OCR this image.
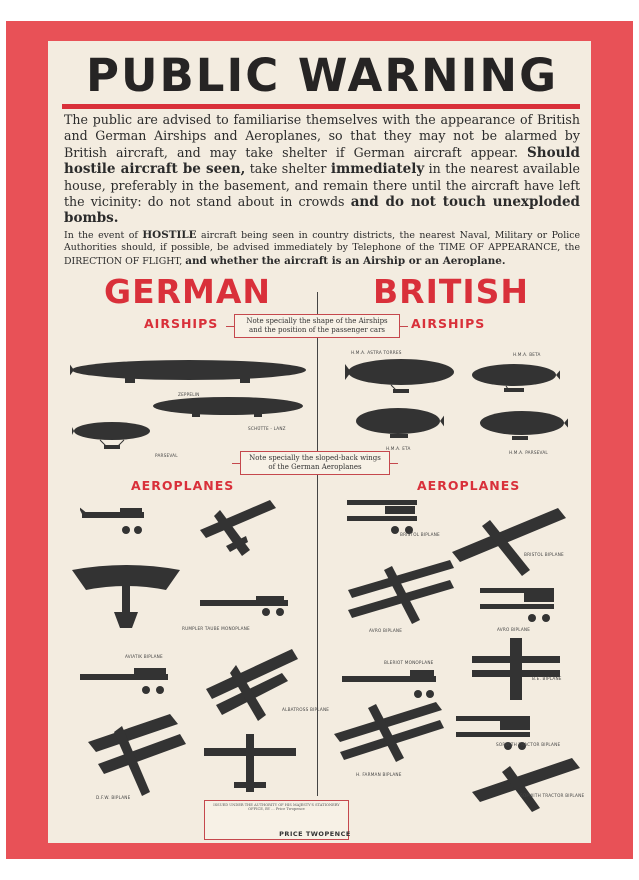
PUBLIC WARNING
The public are advised to familiarise themselves with the appearance of British and German Airships and Aeroplanes, so that they may not be alarmed by British aircraft, and may take shelter if German aircraft appear. Should hostile aircraft be seen, take shelter immediately in the nearest available house, preferably in the basement, and remain there until the aircraft have left the vicinity: do not stand about in crowds and do not touch unexploded bombs.
In the event of HOSTILE aircraft being seen in country districts, the nearest Naval, Military or Police Authorities should, if possible, be advised immediately by Telephone of the TIME OF APPEARANCE, the DIRECTION OF FLIGHT, and whether the aircraft is an Airship or an Aeroplane.
GERMAN	BRITISH
AIRSHIPS	AIRSHIPS
AEROPLANES	AEROPLANES
Note specially the shape of the Airships and the position of the passenger cars
Note specially the sloped-back wings of the German Aeroplanes
ZEPPELIN
SCHÜTTE - LANZ
PARSEVAL
H.M.A. ASTRA TORRES	H.M.A. BETA
H.M.A. ETA
H.M.A. PARSEVAL
RUMPLER TAUBE MONOPLANE
AVIATIK BIPLANE
ALBATROSS BIPLANE
D.F.W. BIPLANE
BRISTOL BIPLANE
BRISTOL BIPLANE
AVRO BIPLANE	AVRO BIPLANE
BLERIOT MONOPLANE
B.E. BIPLANE
SOPWITH TRACTOR BIPLANE
H. FARMAN BIPLANE
SOPWITH TRACTOR BIPLANE
ISSUED UNDER THE AUTHORITY OF HIS MAJESTY'S STATIONERY OFFICE, BY ... Price Twopence
PRICE TWOPENCE
